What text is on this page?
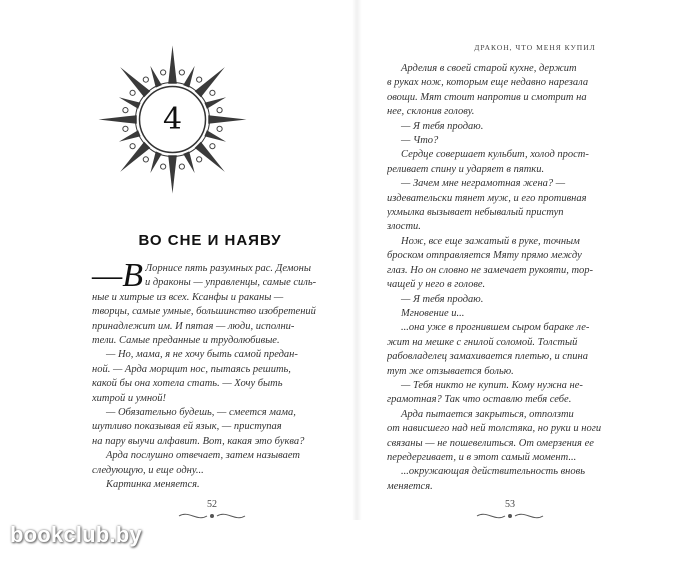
4
ВО СНЕ И НАЯВУ
—В Лорнисе пять разумных рас. Демоны
и драконы — управленцы, самые силь-
ные и хитрые из всех. Ксанфы и раканы —
творцы, самые умные, большинство изобретений
принадлежит им. И пятая — люди, исполни-
тели. Самые преданные и трудолюбивые.
— Но, мама, я не хочу быть самой предан-
ной. — Арда морщит нос, пытаясь решить,
какой бы она хотела стать. — Хочу быть
хитрой и умной!
— Обязательно будешь, — смеется мама,
шутливо показывая ей язык, — приступая
на пару выучи алфавит. Вот, какая это буква?
Арда послушно отвечает, затем называет
следующую, и еще одну...
Картинка меняется.
52
ДРАКОН, ЧТО МЕНЯ КУПИЛ
Арделия в своей старой кухне, держит
в руках нож, которым еще недавно нарезала
овощи. Мят стоит напротив и смотрит на
нее, склонив голову.
— Я тебя продаю.
— Что?
Сердце совершает кульбит, холод прост-
реливает спину и ударяет в пятки.
— Зачем мне неграмотная жена? —
издевательски тянет муж, и его противная
ухмылка вызывает небывалый приступ
злости.
Нож, все еще зажатый в руке, точным
броском отправляется Мяту прямо между
глаз. Но он словно не замечает рукояти, тор-
чащей у него в голове.
— Я тебя продаю.
Мгновение и...
...она уже в прогнившем сыром бараке ле-
жит на мешке с гнилой соломой. Толстый
рабовладелец замахивается плетью, и спина
тут же отзывается болью.
— Тебя никто не купит. Кому нужна не-
грамотная? Так что оставлю тебя себе.
Арда пытается закрыться, отползти
от нависшего над ней толстяка, но руки и ноги
связаны — не пошевелиться. От омерзения ее
передергивает, и в этот самый момент...
...окружающая действительность вновь
меняется.
53
bookclub.by
